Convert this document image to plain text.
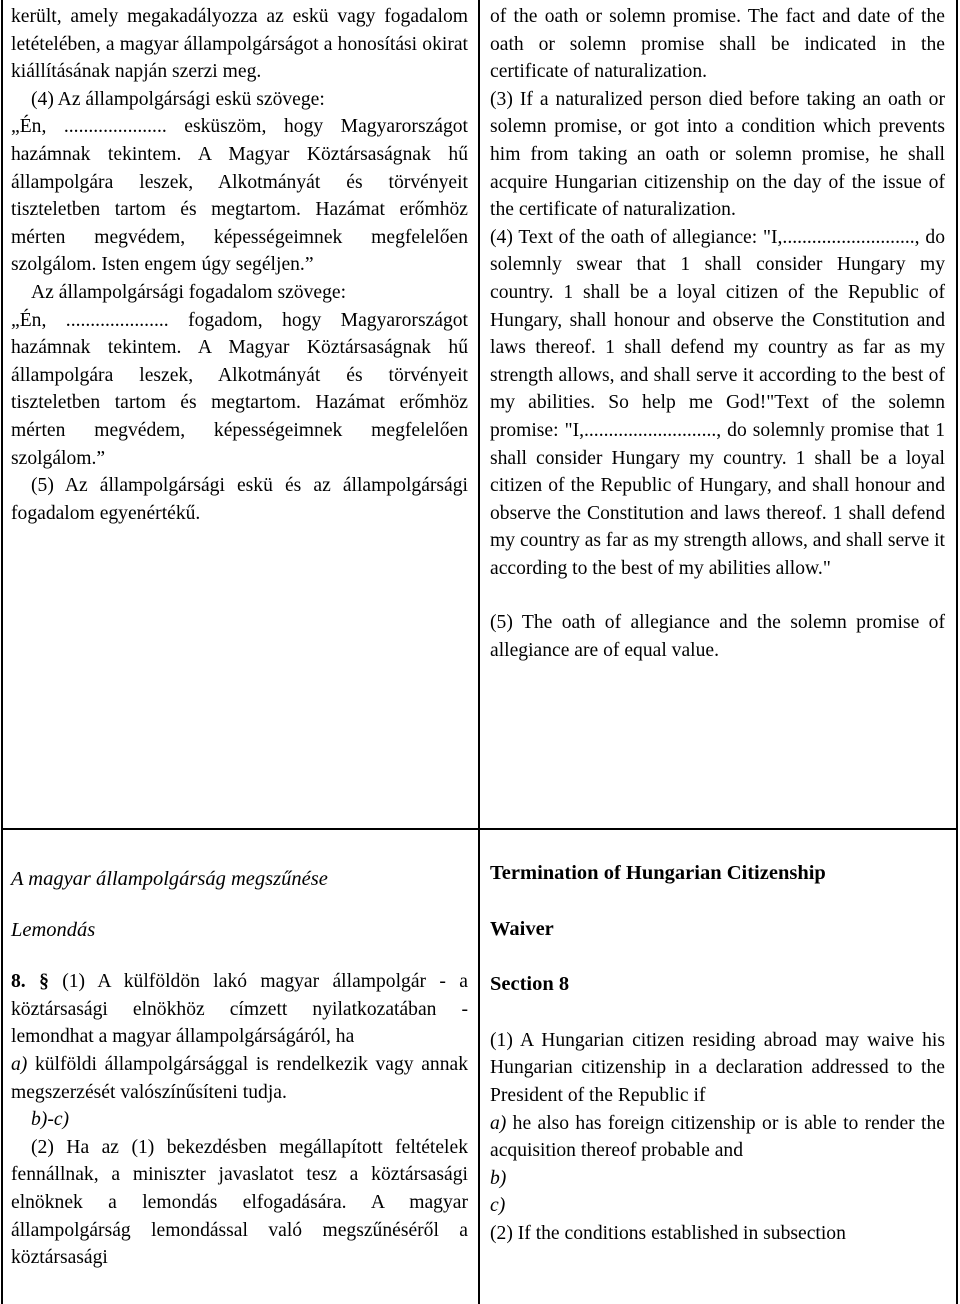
került, amely megakadályozza az eskü vagy fogadalom letételében, a magyar állampolgárságot a honosítási okirat kiállításának napján szerzi meg.

(4) Az állampolgársági eskü szövege:

„Én, ..................... esküszöm, hogy Magyarországot hazámnak tekintem. A Magyar Köztársaságnak hű állampolgára leszek, Alkotmányát és törvényeit tiszteletben tartom és megtartom. Hazámat erőmhöz mérten megvédem, képességeimnek megfelelően szolgálom. Isten engem úgy segéljen.”

Az állampolgársági fogadalom szövege:

„Én, ..................... fogadom, hogy Magyarországot hazámnak tekintem. A Magyar Köztársaságnak hű állampolgára leszek, Alkotmányát és törvényeit tiszteletben tartom és megtartom. Hazámat erőmhöz mérten megvédem, képességeimnek megfelelően szolgálom.”

(5) Az állampolgársági eskü és az állampolgársági fogadalom egyenértékű.

of the oath or solemn promise. The fact and date of the oath or solemn promise shall be indicated in the certificate of naturalization.

(3) If a naturalized person died before taking an oath or solemn promise, or got into a condition which prevents him from taking an oath or solemn promise, he shall acquire Hungarian citizenship on the day of the issue of the certificate of naturalization.

(4) Text of the oath of allegiance: "I,..........................., do solemnly swear that 1 shall consider Hungary my country. 1 shall be a loyal citizen of the Republic of Hungary, shall honour and observe the Constitution and laws thereof. 1 shall defend my country as far as my strength allows, and shall serve it according to the best of my abilities. So help me God!"Text of the solemn promise: "I,..........................., do solemnly promise that 1 shall consider Hungary my country. 1 shall be a loyal citizen of the Republic of Hungary, and shall honour and observe the Constitution and laws thereof. 1 shall defend my country as far as my strength allows, and shall serve it according to the best of my abilities allow."

(5) The oath of allegiance and the solemn promise of allegiance are of equal value.

A magyar állampolgárság megszűnése

Lemondás

8. § (1) A külföldön lakó magyar állampolgár - a köztársasági elnökhöz címzett nyilatkozatában - lemondhat a magyar állampolgárságáról, ha

a) külföldi állampolgársággal is rendelkezik vagy annak megszerzését valószínűsíteni tudja.

b)-c)

(2) Ha az (1) bekezdésben megállapított feltételek fennállnak, a miniszter javaslatot tesz a köztársasági elnöknek a lemondás elfogadására. A magyar állampolgárság lemondással való megszűnéséről a köztársasági

Termination of Hungarian Citizenship

Waiver

Section 8

(1) A Hungarian citizen residing abroad may waive his Hungarian citizenship in a declaration addressed to the President of the Republic if

a) he also has foreign citizenship or is able to render the acquisition thereof probable and

b)

c)

(2) If the conditions established in subsection
